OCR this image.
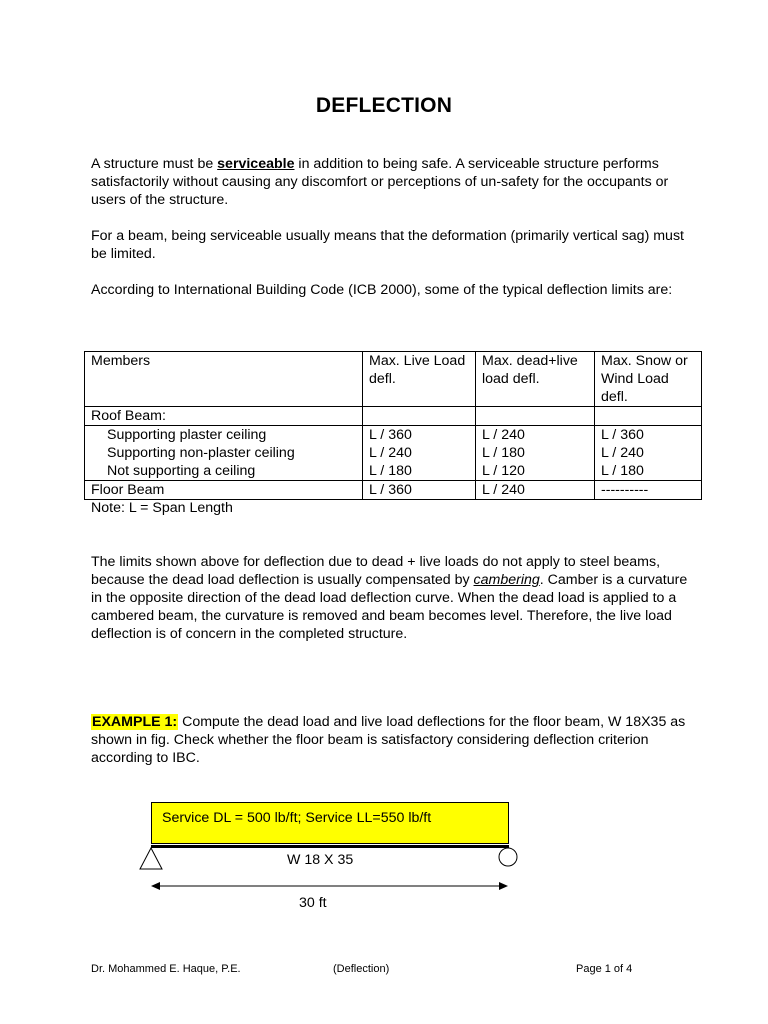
DEFLECTION
A structure must be serviceable in addition to being safe. A serviceable structure performs satisfactorily without causing any discomfort or perceptions of un-safety for the occupants or users of the structure.
For a beam, being serviceable usually means that the deformation (primarily vertical sag) must be limited.
According to International Building Code (ICB 2000), some of the typical deflection limits are:
Members	Max. Live Load defl.	Max. dead+live load defl.	Max. Snow or Wind Load defl.
Roof Beam:			
Supporting plaster ceiling	L / 360	L / 240	L / 360
Supporting non-plaster ceiling	L / 240	L / 180	L / 240
Not supporting a ceiling	L / 180	L / 120	L / 180
Floor Beam	L / 360	L / 240	----------
Note: L = Span Length
The limits shown above for deflection due to dead + live loads do not apply to steel beams, because the dead load deflection is usually compensated by cambering. Camber is a curvature in the opposite direction of the dead load deflection curve. When the dead load is applied to a cambered beam, the curvature is removed and beam becomes level. Therefore, the live load deflection is of concern in the completed structure.
EXAMPLE 1: Compute the dead load and live load deflections for the floor beam, W 18X35 as shown in fig. Check whether the floor beam is satisfactory considering deflection criterion according to IBC.
Service DL = 500 lb/ft; Service LL=550 lb/ft
W 18 X 35
30 ft
Dr. Mohammed E. Haque, P.E.	(Deflection)	Page 1 of 4
